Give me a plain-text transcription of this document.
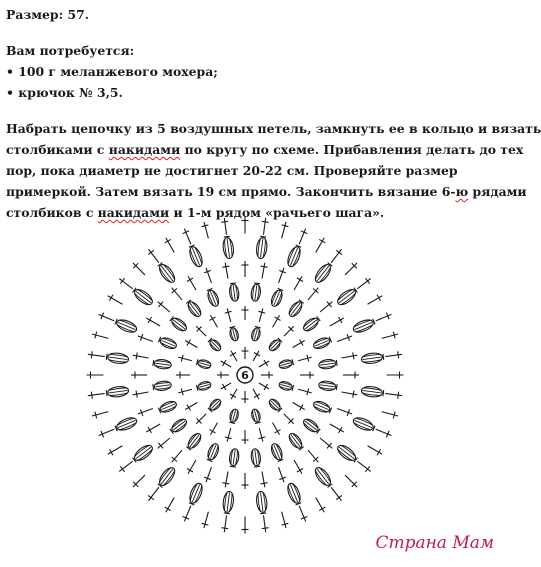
Размер: 57.
Вам потребуется:
• 100 г меланжевого мохера;
• крючок № 3,5.
Набрать цепочку из 5 воздушных петель, замкнуть ее в кольцо и вязать
столбиками с накидами по кругу по схеме. Прибавления делать до тех
пор, пока диаметр не достигнет 20-22 см. Проверяйте размер
примеркой. Затем вязать 19 см прямо. Закончить вязание 6-ю рядами
столбиков с накидами и 1-м рядом «рачьего шага».
6
Страна Мам
